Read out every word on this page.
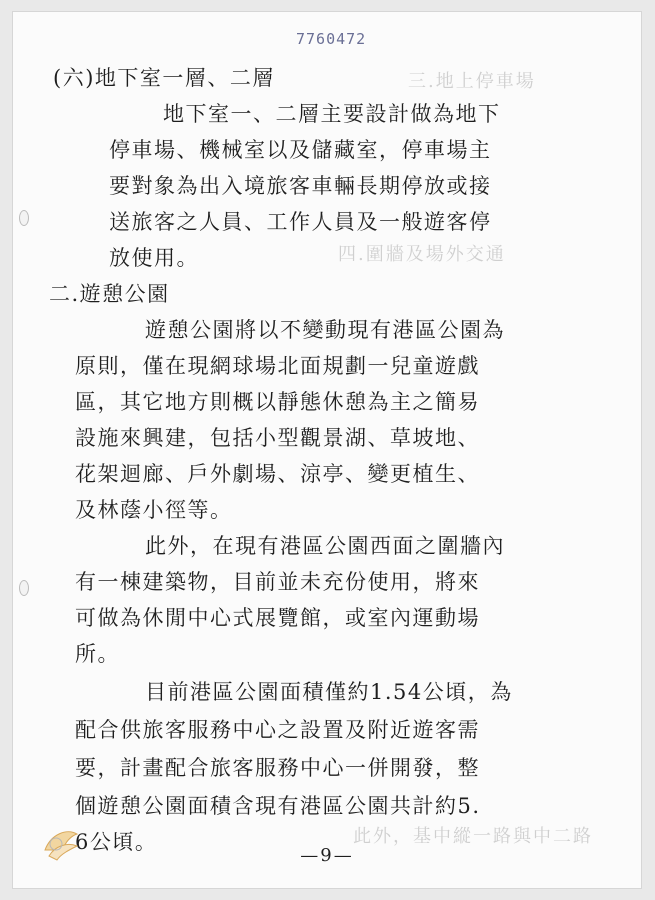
7760472
三.地上停車場
四.圍牆及場外交通
此外，基中縱一路與中二路
(六)地下室一層、二層
地下室一、二層主要設計做為地下
停車場、機械室以及儲藏室，停車場主
要對象為出入境旅客車輛長期停放或接
送旅客之人員、工作人員及一般遊客停
放使用。
二.遊憩公園
遊憩公園將以不變動現有港區公園為
原則，僅在現網球場北面規劃一兒童遊戲
區，其它地方則概以靜態休憩為主之簡易
設施來興建，包括小型觀景湖、草坡地、
花架迴廊、戶外劇場、涼亭、變更植生、
及林蔭小徑等。
此外，在現有港區公園西面之圍牆內
有一棟建築物，目前並未充份使用，將來
可做為休閒中心式展覽館，或室內運動場
所。
目前港區公園面積僅約1.54公頃，為
配合供旅客服務中心之設置及附近遊客需
要，計畫配合旅客服務中心一併開發，整
個遊憩公園面積含現有港區公園共計約5.
6公頃。
—9—
